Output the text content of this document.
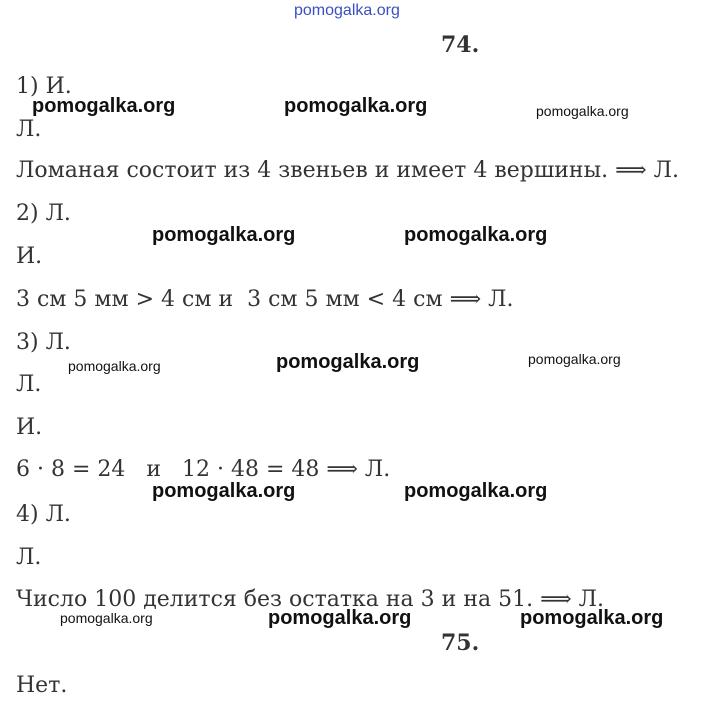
pomogalka.org
74.
1) И.
Л.
Ломаная состоит из 4 звеньев и имеет 4 вершины. ⟹ Л.
2) Л.
И.
3 см 5 мм > 4 см и  3 см 5 мм < 4 см ⟹ Л.
3) Л.
Л.
И.
6 · 8 = 24   и   12 · 48 = 48 ⟹ Л.
4) Л.
Л.
Число 100 делится без остатка на 3 и на 51. ⟹ Л.
75.
Нет.
pomogalka.org	pomogalka.org	pomogalka.org
pomogalka.org	pomogalka.org
pomogalka.org	pomogalka.org	pomogalka.org
pomogalka.org	pomogalka.org
pomogalka.org	pomogalka.org	pomogalka.org
